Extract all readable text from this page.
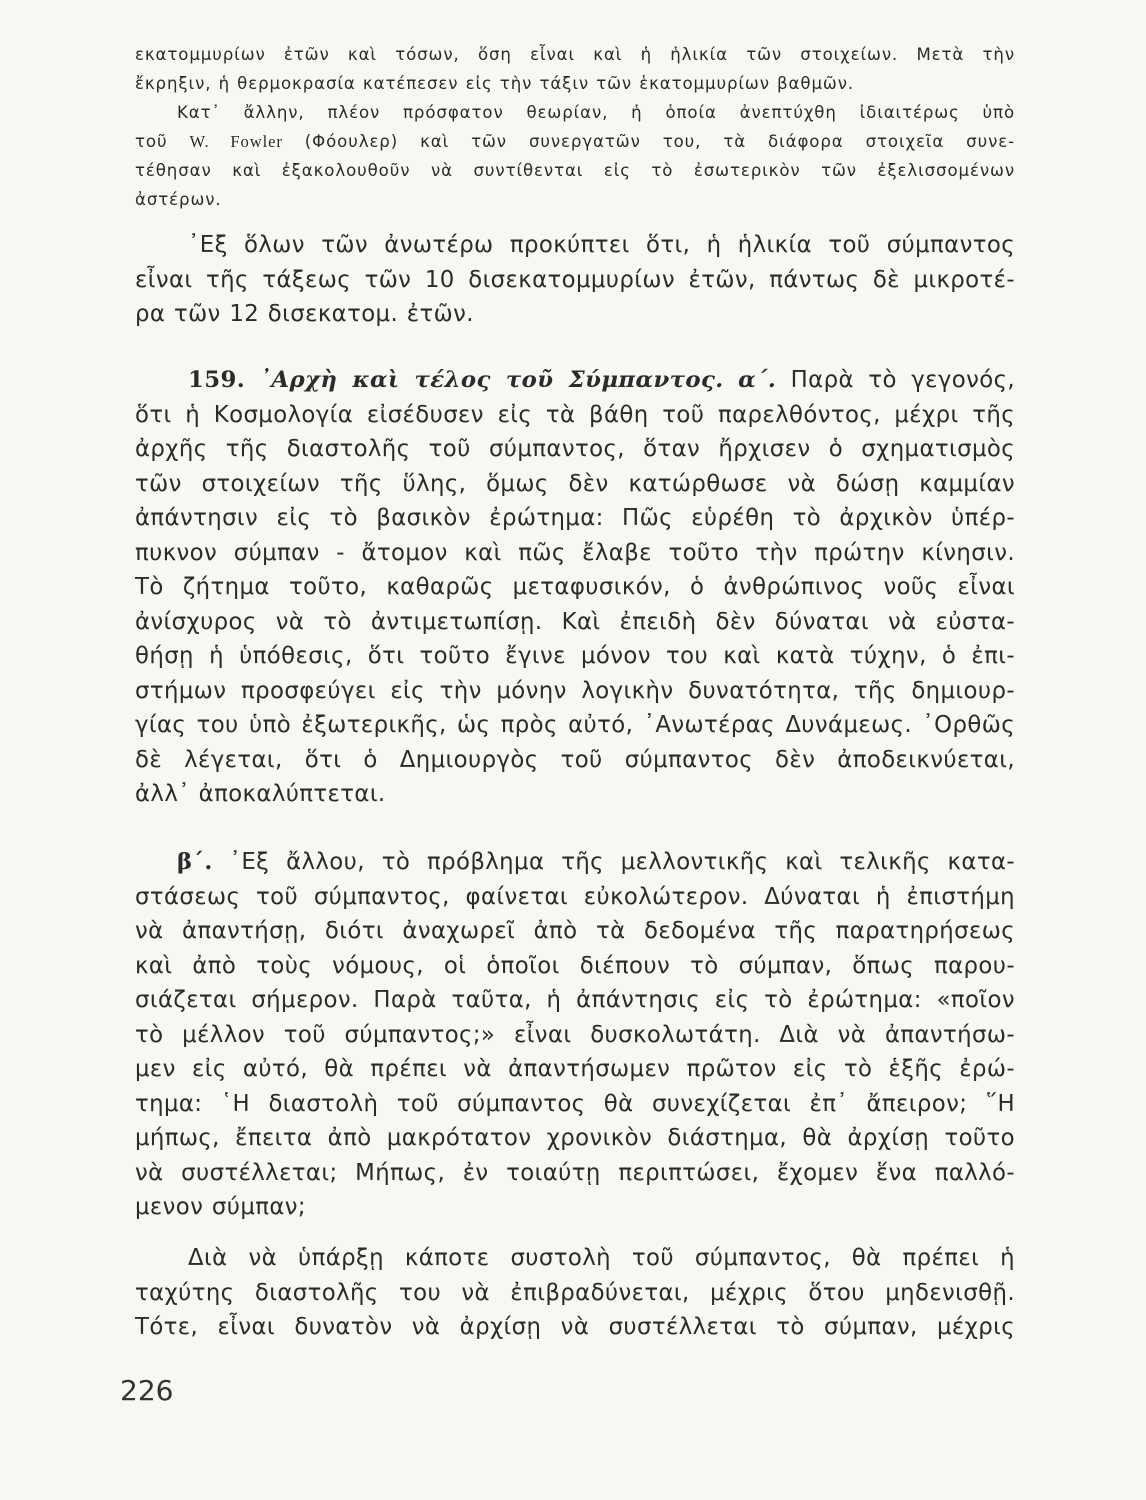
εκατομμυρίων ἐτῶν καὶ τόσων, ὅση εἶναι καὶ ἡ ἡλικία τῶν στοιχείων. Μετὰ τὴν
ἔκρηξιν, ἡ θερμοκρασία κατέπεσεν εἰς τὴν τάξιν τῶν ἑκατομμυρίων βαθμῶν.
Κατ᾽ ἄλλην, πλέον πρόσφατον θεωρίαν, ἡ ὁποία ἀνεπτύχθη ἰδιαιτέρως ὑπὸ
τοῦ W. Fowler (Φόουλερ) καὶ τῶν συνεργατῶν του, τὰ διάφορα στοιχεῖα συνε-
τέθησαν καὶ ἐξακολουθοῦν νὰ συντίθενται εἰς τὸ ἐσωτερικὸν τῶν ἐξελισσομένων
ἀστέρων.
᾿Εξ ὅλων τῶν ἀνωτέρω προκύπτει ὅτι, ἡ ἡλικία τοῦ σύμπαντος
εἶναι τῆς τάξεως τῶν 10 δισεκατομμυρίων ἐτῶν, πάντως δὲ μικροτέ-
ρα τῶν 12 δισεκατομ. ἐτῶν.
159. ᾿Αρχὴ καὶ τέλος τοῦ Σύμπαντος. α΄. Παρὰ τὸ γεγονός,
ὅτι ἡ Κοσμολογία εἰσέδυσεν εἰς τὰ βάθη τοῦ παρελθόντος, μέχρι τῆς
ἀρχῆς τῆς διαστολῆς τοῦ σύμπαντος, ὅταν ἤρχισεν ὁ σχηματισμὸς
τῶν στοιχείων τῆς ὕλης, ὅμως δὲν κατώρθωσε νὰ δώσῃ καμμίαν
ἀπάντησιν εἰς τὸ βασικὸν ἐρώτημα: Πῶς εὑρέθη τὸ ἀρχικὸν ὑπέρ-
πυκνον σύμπαν - ἄτομον καὶ πῶς ἔλαβε τοῦτο τὴν πρώτην κίνησιν.
Τὸ ζήτημα τοῦτο, καθαρῶς μεταφυσικόν, ὁ ἀνθρώπινος νοῦς εἶναι
ἀνίσχυρος νὰ τὸ ἀντιμετωπίσῃ. Καὶ ἐπειδὴ δὲν δύναται νὰ εὐστα-
θήσῃ ἡ ὑπόθεσις, ὅτι τοῦτο ἔγινε μόνον του καὶ κατὰ τύχην, ὁ ἐπι-
στήμων προσφεύγει εἰς τὴν μόνην λογικὴν δυνατότητα, τῆς δημιουρ-
γίας του ὑπὸ ἐξωτερικῆς, ὡς πρὸς αὐτό, ᾿Ανωτέρας Δυνάμεως. ᾿Ορθῶς
δὲ λέγεται, ὅτι ὁ Δημιουργὸς τοῦ σύμπαντος δὲν ἀποδεικνύεται,
ἀλλ᾽ ἀποκαλύπτεται.
β΄. ᾿Εξ ἄλλου, τὸ πρόβλημα τῆς μελλοντικῆς καὶ τελικῆς κατα-
στάσεως τοῦ σύμπαντος, φαίνεται εὐκολώτερον. Δύναται ἡ ἐπιστήμη
νὰ ἀπαντήσῃ, διότι ἀναχωρεῖ ἀπὸ τὰ δεδομένα τῆς παρατηρήσεως
καὶ ἀπὸ τοὺς νόμους, οἱ ὁποῖοι διέπουν τὸ σύμπαν, ὅπως παρου-
σιάζεται σήμερον. Παρὰ ταῦτα, ἡ ἀπάντησις εἰς τὸ ἐρώτημα: «ποῖον
τὸ μέλλον τοῦ σύμπαντος;» εἶναι δυσκολωτάτη. Διὰ νὰ ἀπαντήσω-
μεν εἰς αὐτό, θὰ πρέπει νὰ ἀπαντήσωμεν πρῶτον εἰς τὸ ἑξῆς ἐρώ-
τημα: ῾Η διαστολὴ τοῦ σύμπαντος θὰ συνεχίζεται ἐπ᾽ ἄπειρον; ῞Η
μήπως, ἔπειτα ἀπὸ μακρότατον χρονικὸν διάστημα, θὰ ἀρχίσῃ τοῦτο
νὰ συστέλλεται; Μήπως, ἐν τοιαύτῃ περιπτώσει, ἔχομεν ἕνα παλλό-
μενον σύμπαν;
Διὰ νὰ ὑπάρξῃ κάποτε συστολὴ τοῦ σύμπαντος, θὰ πρέπει ἡ
ταχύτης διαστολῆς του νὰ ἐπιβραδύνεται, μέχρις ὅτου μηδενισθῇ.
Τότε, εἶναι δυνατὸν νὰ ἀρχίσῃ νὰ συστέλλεται τὸ σύμπαν, μέχρις
226
